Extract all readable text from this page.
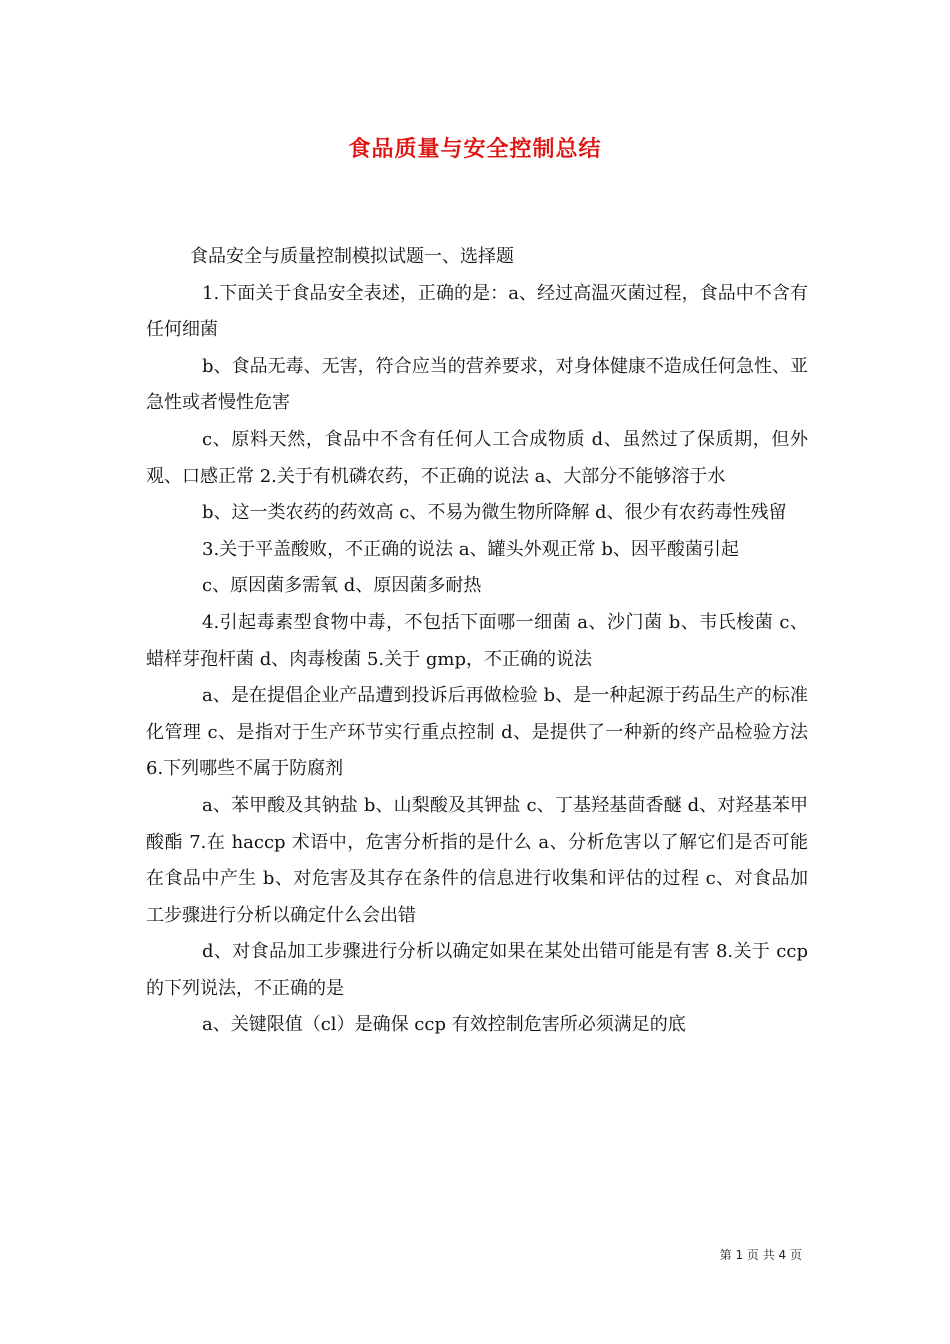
食品质量与安全控制总结

食品安全与质量控制模拟试题一、选择题

1.下面关于食品安全表述，正确的是：a、经过高温灭菌过程，食品中不含有任何细菌

b、食品无毒、无害，符合应当的营养要求，对身体健康不造成任何急性、亚急性或者慢性危害

c、原料天然，食品中不含有任何人工合成物质 d、虽然过了保质期，但外观、口感正常 2.关于有机磷农药，不正确的说法 a、大部分不能够溶于水

b、这一类农药的药效高 c、不易为微生物所降解 d、很少有农药毒性残留

3.关于平盖酸败，不正确的说法 a、罐头外观正常 b、因平酸菌引起

c、原因菌多需氧 d、原因菌多耐热

4.引起毒素型食物中毒，不包括下面哪一细菌 a、沙门菌 b、韦氏梭菌 c、蜡样芽孢杆菌 d、肉毒梭菌 5.关于 gmp，不正确的说法

a、是在提倡企业产品遭到投诉后再做检验 b、是一种起源于药品生产的标准化管理 c、是指对于生产环节实行重点控制 d、是提供了一种新的终产品检验方法 6.下列哪些不属于防腐剂

a、苯甲酸及其钠盐 b、山梨酸及其钾盐 c、丁基羟基茴香醚 d、对羟基苯甲酸酯 7.在 haccp 术语中，危害分析指的是什么 a、分析危害以了解它们是否可能在食品中产生 b、对危害及其存在条件的信息进行收集和评估的过程 c、对食品加工步骤进行分析以确定什么会出错

d、对食品加工步骤进行分析以确定如果在某处出错可能是有害 8.关于 ccp 的下列说法，不正确的是

a、关键限值（cl）是确保 ccp 有效控制危害所必须满足的底

第 1 页 共 4 页
